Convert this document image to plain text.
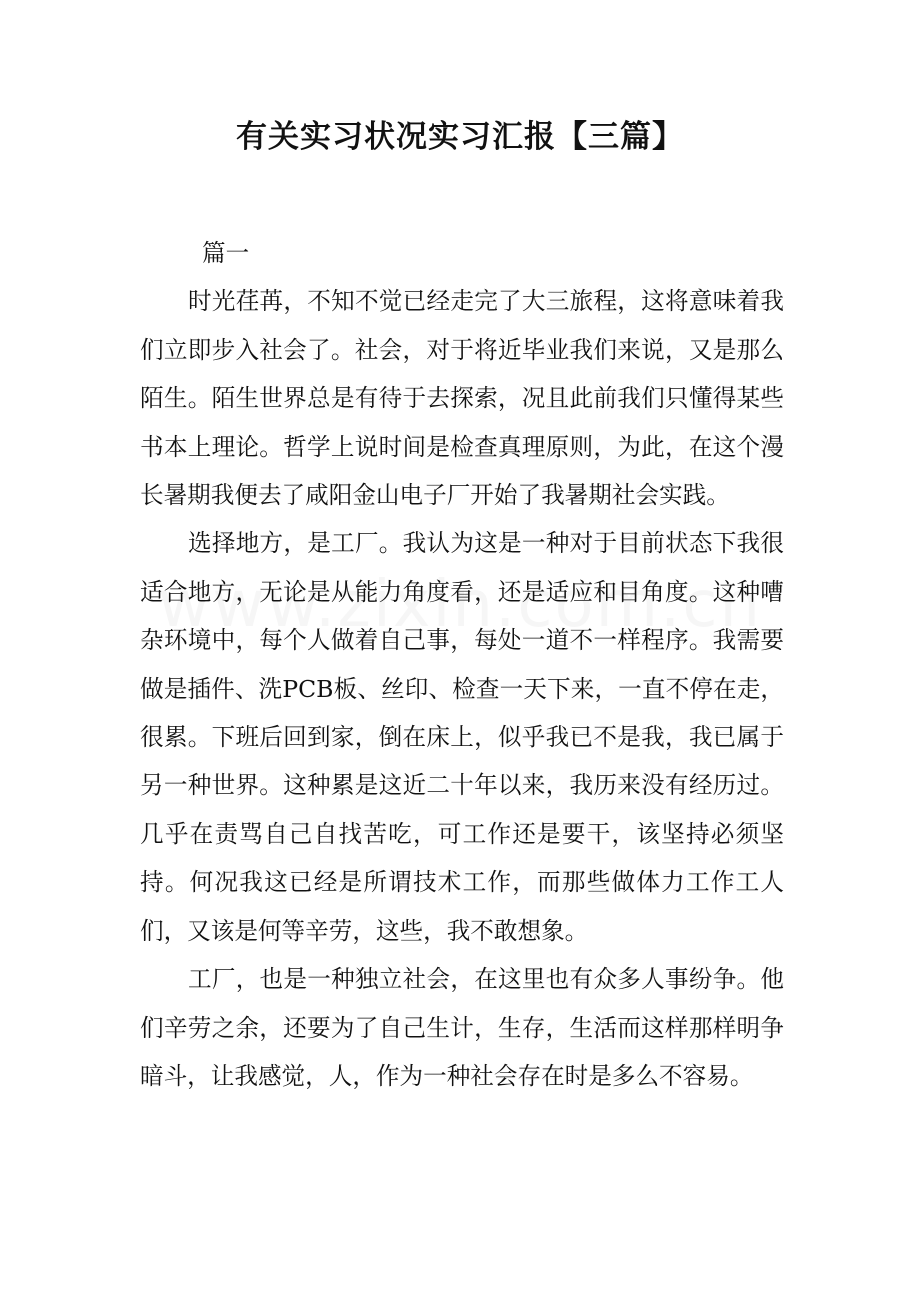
有关实习状况实习汇报【三篇】

篇一

时光荏苒，不知不觉已经走完了大三旅程，这将意味着我们立即步入社会了。社会，对于将近毕业我们来说，又是那么陌生。陌生世界总是有待于去探索，况且此前我们只懂得某些书本上理论。哲学上说时间是检查真理原则，为此，在这个漫长暑期我便去了咸阳金山电子厂开始了我暑期社会实践。

选择地方，是工厂。我认为这是一种对于目前状态下我很适合地方，无论是从能力角度看，还是适应和目角度。这种嘈杂环境中，每个人做着自己事，每处一道不一样程序。我需要做是插件、洗PCB板、丝印、检查一天下来，一直不停在走，很累。下班后回到家，倒在床上，似乎我已不是我，我已属于另一种世界。这种累是这近二十年以来，我历来没有经历过。几乎在责骂自己自找苦吃，可工作还是要干，该坚持必须坚持。何况我这已经是所谓技术工作，而那些做体力工作工人们，又该是何等辛劳，这些，我不敢想象。

工厂，也是一种独立社会，在这里也有众多人事纷争。他们辛劳之余，还要为了自己生计，生存，生活而这样那样明争暗斗，让我感觉，人，作为一种社会存在时是多么不容易。
